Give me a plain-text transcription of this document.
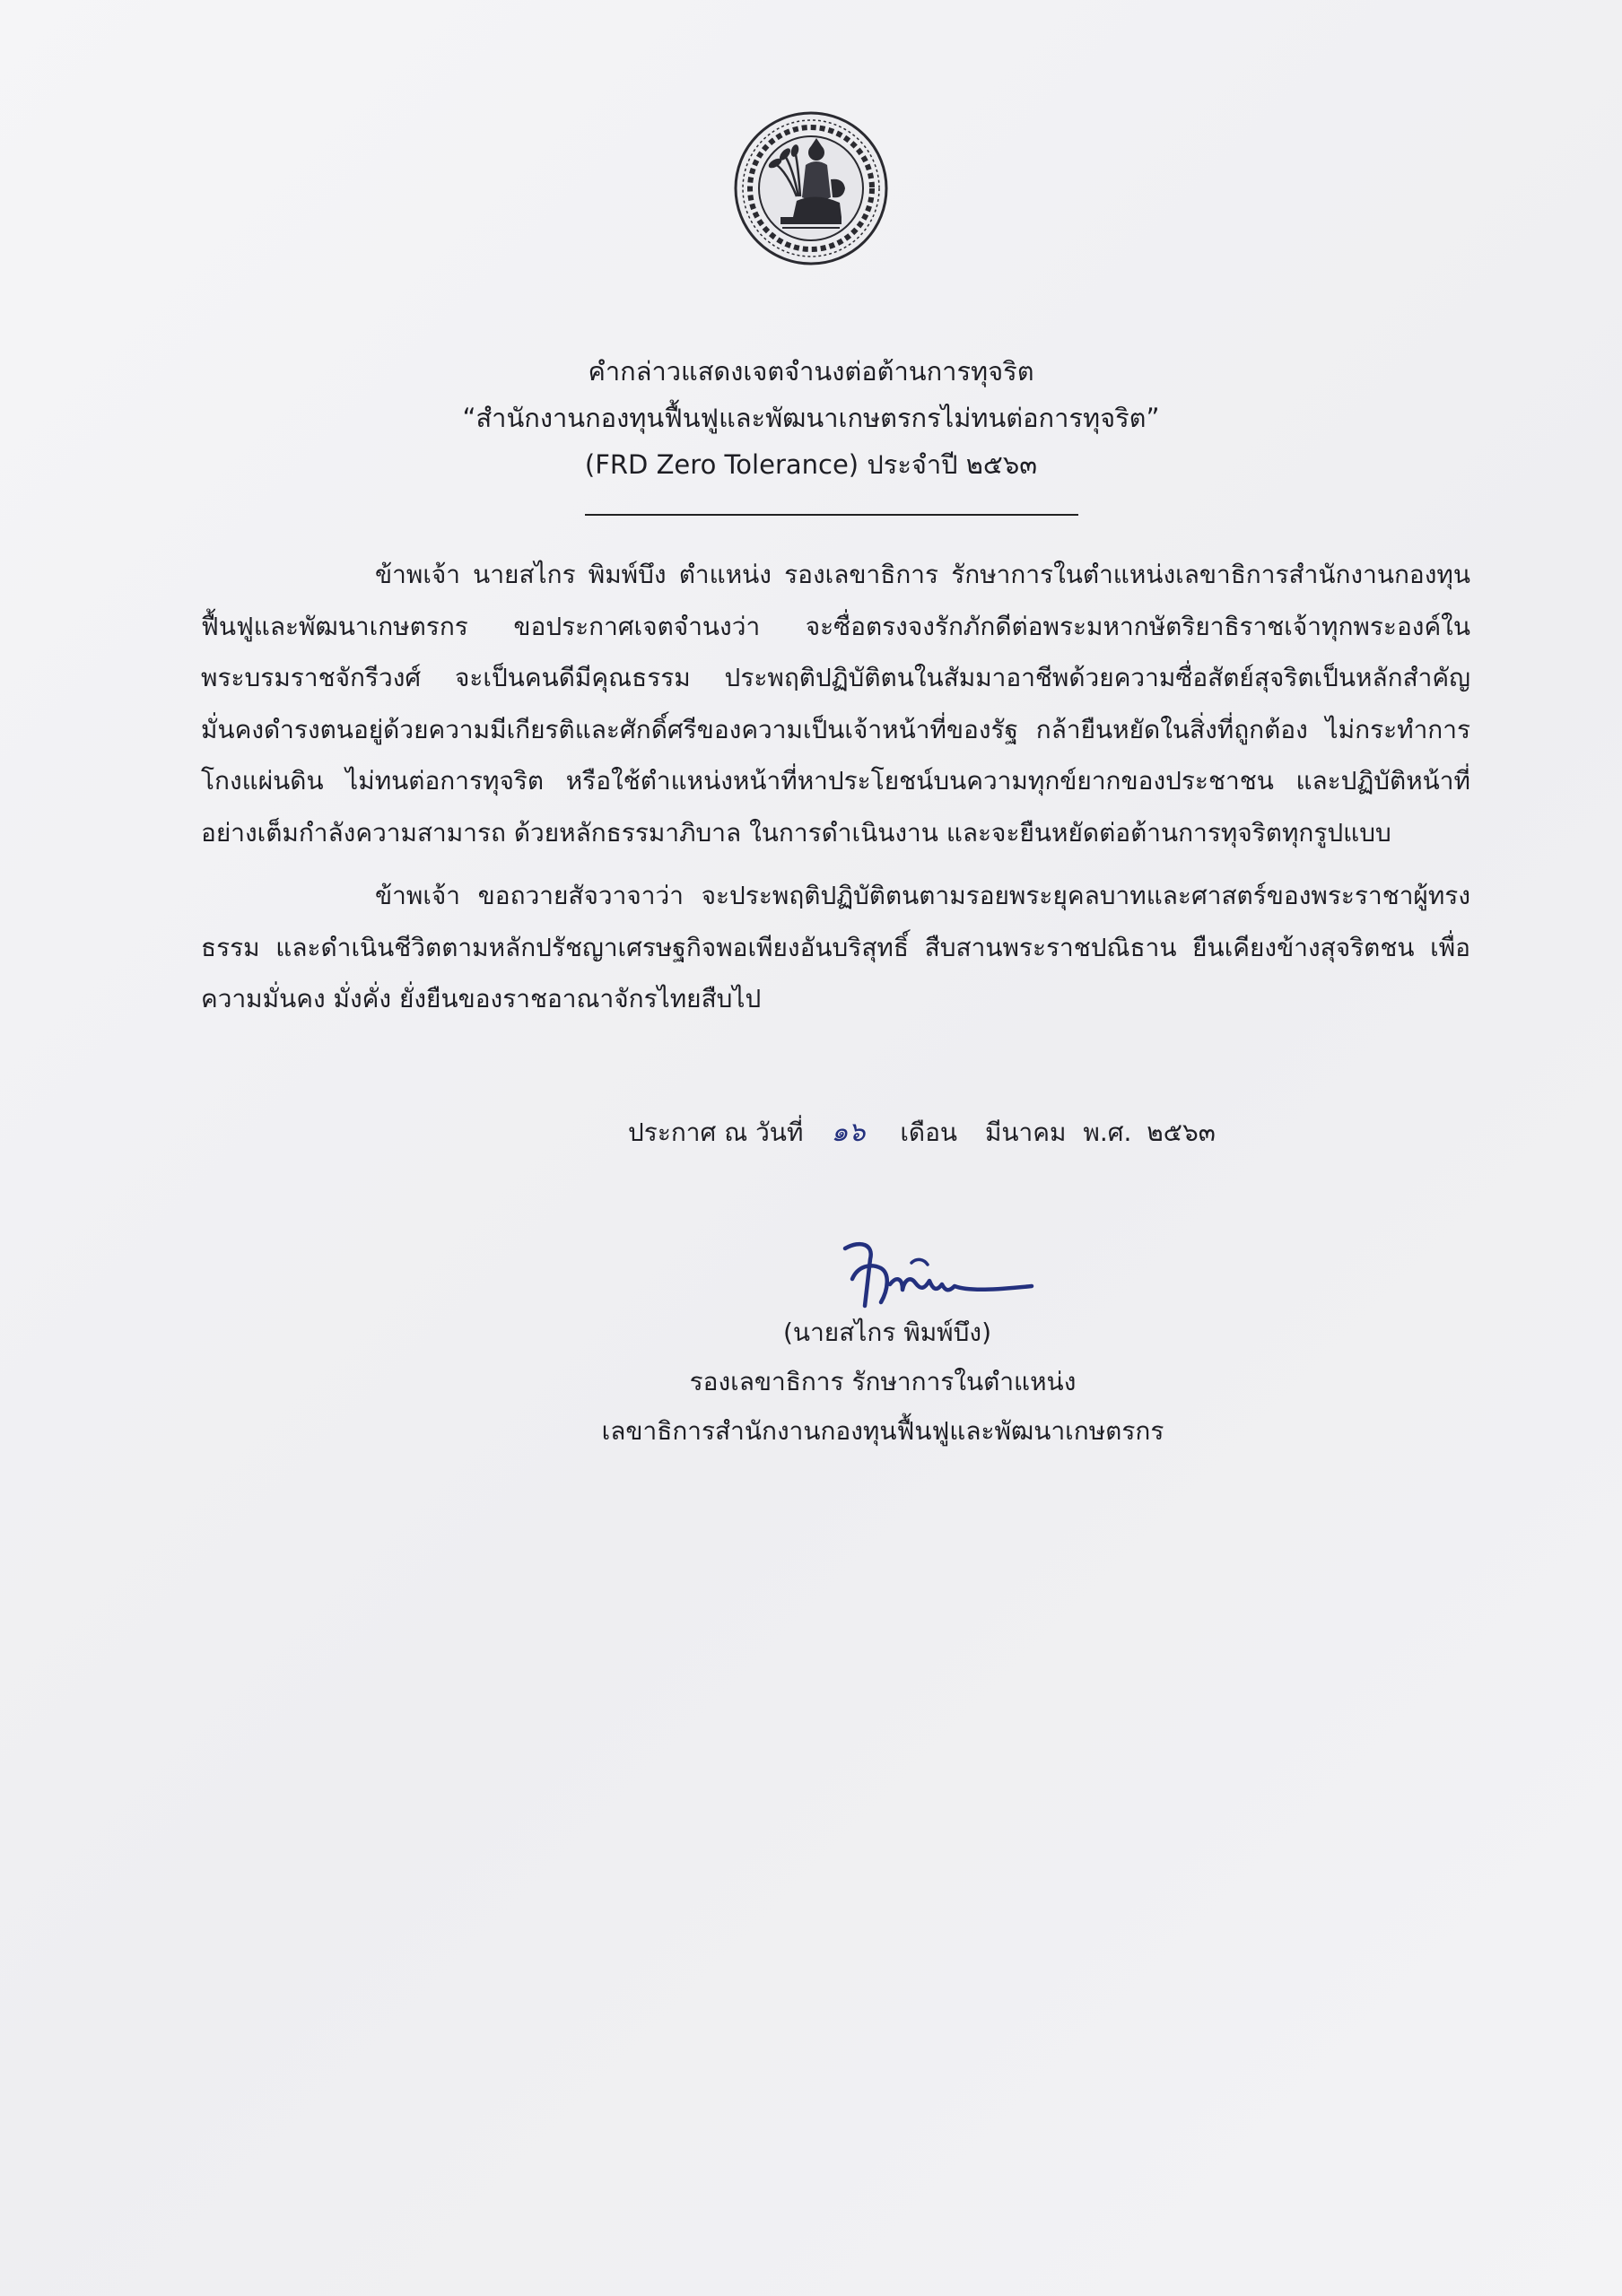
คำกล่าวแสดงเจตจำนงต่อต้านการทุจริต
“สำนักงานกองทุนฟื้นฟูและพัฒนาเกษตรกรไม่ทนต่อการทุจริต”
(FRD Zero Tolerance) ประจำปี ๒๕๖๓

ข้าพเจ้า นายสไกร พิมพ์บึง ตำแหน่ง รองเลขาธิการ รักษาการในตำแหน่งเลขาธิการสำนักงานกองทุนฟื้นฟูและพัฒนาเกษตรกร ขอประกาศเจตจำนงว่า จะซื่อตรงจงรักภักดีต่อพระมหากษัตริยาธิราชเจ้าทุกพระองค์ในพระบรมราชจักรีวงศ์ จะเป็นคนดีมีคุณธรรม ประพฤติปฏิบัติตนในสัมมาอาชีพด้วยความซื่อสัตย์สุจริตเป็นหลักสำคัญ มั่นคงดำรงตนอยู่ด้วยความมีเกียรติและศักดิ์ศรีของความเป็นเจ้าหน้าที่ของรัฐ กล้ายืนหยัดในสิ่งที่ถูกต้อง ไม่กระทำการโกงแผ่นดิน ไม่ทนต่อการทุจริต หรือใช้ตำแหน่งหน้าที่หาประโยชน์บนความทุกข์ยากของประชาชน และปฏิบัติหน้าที่อย่างเต็มกำลังความสามารถ ด้วยหลักธรรมาภิบาล ในการดำเนินงาน และจะยืนหยัดต่อต้านการทุจริตทุกรูปแบบ

ข้าพเจ้า ขอถวายสัจวาจาว่า จะประพฤติปฏิบัติตนตามรอยพระยุคลบาทและศาสตร์ของพระราชาผู้ทรงธรรม และดำเนินชีวิตตามหลักปรัชญาเศรษฐกิจพอเพียงอันบริสุทธิ์ สืบสานพระราชปณิธาน ยืนเคียงข้างสุจริตชน เพื่อความมั่นคง มั่งคั่ง ยั่งยืนของราชอาณาจักรไทยสืบไป

ประกาศ ณ วันที่ ๑๖ เดือน มีนาคม พ.ศ. ๒๕๖๓
(นายสไกร พิมพ์บึง)
รองเลขาธิการ รักษาการในตำแหน่ง
เลขาธิการสำนักงานกองทุนฟื้นฟูและพัฒนาเกษตรกร
